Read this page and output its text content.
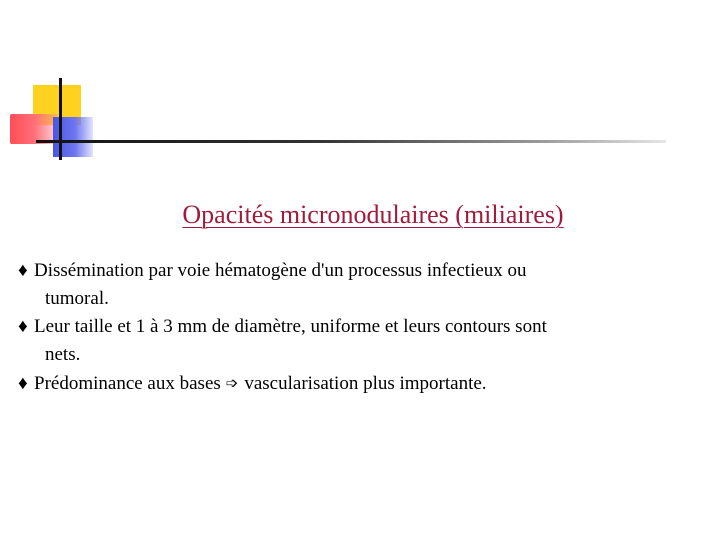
Opacités micronodulaires (miliaires)
♦ Dissémination par voie hématogène d'un processus infectieux ou
tumoral.
♦ Leur taille et 1 à 3 mm de diamètre, uniforme et leurs contours sont
nets.
♦ Prédominance aux bases ➩ vascularisation plus importante.
